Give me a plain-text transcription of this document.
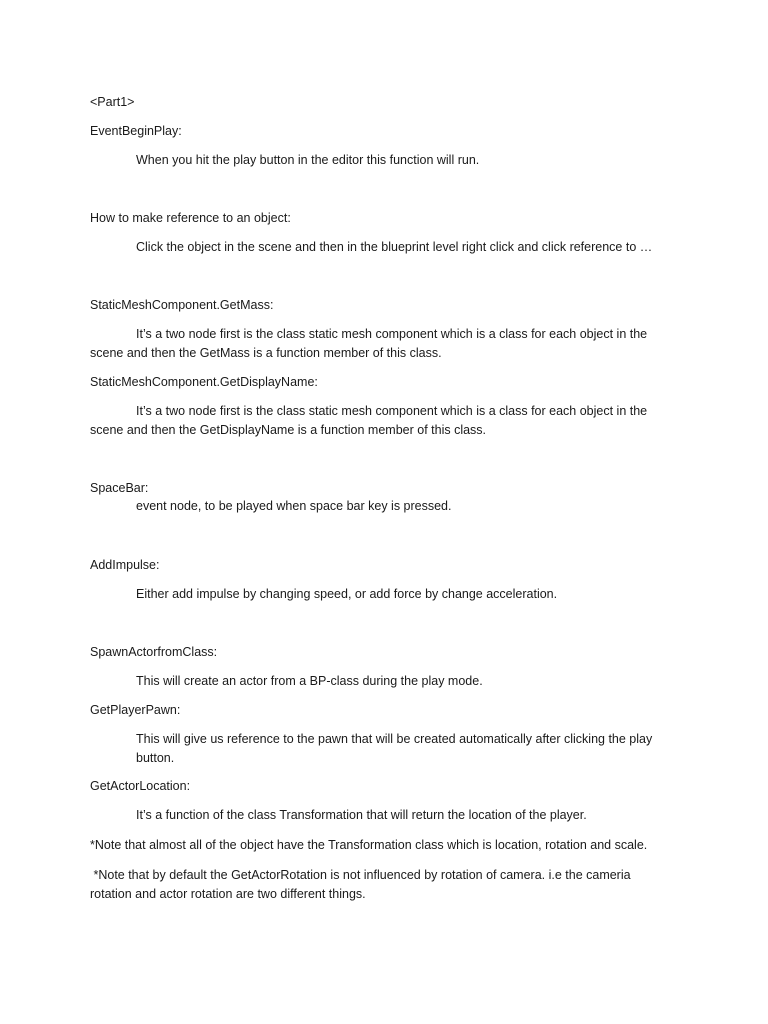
<Part1>
EventBeginPlay:
When you hit the play button in the editor this function will run.
How to make reference to an object:
Click the object in the scene and then in the blueprint level right click and click reference to …
StaticMeshComponent.GetMass:
It’s a two node first is the class static mesh component which is a class for each object in the
scene and then the GetMass is a function member of this class.
StaticMeshComponent.GetDisplayName:
It’s a two node first is the class static mesh component which is a class for each object in the
scene and then the GetDisplayName is a function member of this class.
SpaceBar:
event node, to be played when space bar key is pressed.
AddImpulse:
Either add impulse by changing speed, or add force by change acceleration.
SpawnActorfromClass:
This will create an actor from a BP-class during the play mode.
GetPlayerPawn:
This will give us reference to the pawn that will be created automatically after clicking the play
button.
GetActorLocation:
It’s a function of the class Transformation that will return the location of the player.
*Note that almost all of the object have the Transformation class which is location, rotation and scale.
*Note that by default the GetActorRotation is not influenced by rotation of camera. i.e the cameria
rotation and actor rotation are two different things.
